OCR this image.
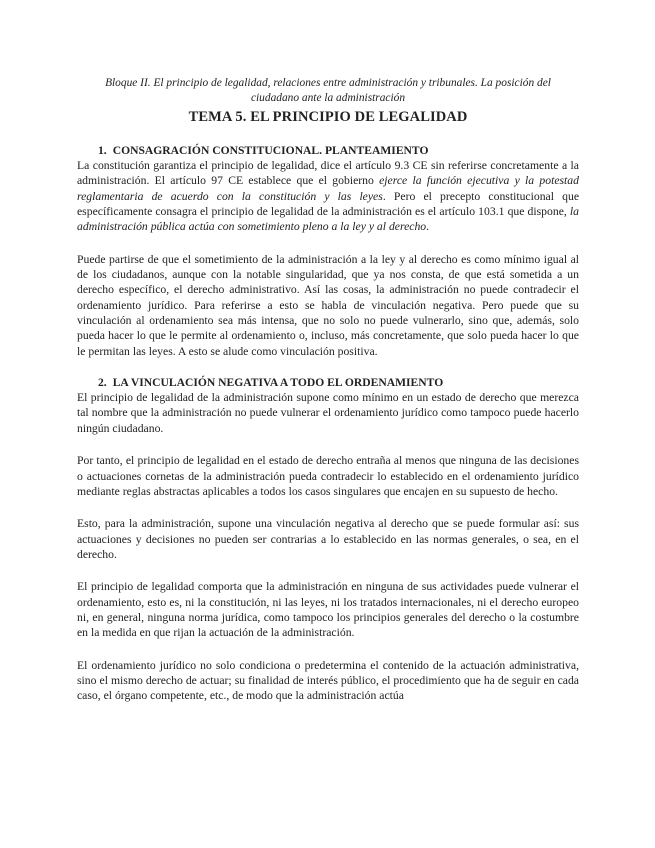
Bloque II. El principio de legalidad, relaciones entre administración y tribunales. La posición del
ciudadano ante la administración

TEMA 5. EL PRINCIPIO DE LEGALIDAD
1. CONSAGRACIÓN CONSTITUCIONAL. PLANTEAMIENTO

La constitución garantiza el principio de legalidad, dice el artículo 9.3 CE sin referirse concretamente a la administración. El artículo 97 CE establece que el gobierno ejerce la función ejecutiva y la potestad reglamentaria de acuerdo con la constitución y las leyes. Pero el precepto constitucional que específicamente consagra el principio de legalidad de la administración es el artículo 103.1 que dispone, la administración pública actúa con sometimiento pleno a la ley y al derecho.

Puede partirse de que el sometimiento de la administración a la ley y al derecho es como mínimo igual al de los ciudadanos, aunque con la notable singularidad, que ya nos consta, de que está sometida a un derecho específico, el derecho administrativo. Así las cosas, la administración no puede contradecir el ordenamiento jurídico. Para referirse a esto se habla de vinculación negativa. Pero puede que su vinculación al ordenamiento sea más intensa, que no solo no puede vulnerarlo, sino que, además, solo pueda hacer lo que le permite al ordenamiento o, incluso, más concretamente, que solo pueda hacer lo que le permitan las leyes. A esto se alude como vinculación positiva.

2. LA VINCULACIÓN NEGATIVA A TODO EL ORDENAMIENTO

El principio de legalidad de la administración supone como mínimo en un estado de derecho que merezca tal nombre que la administración no puede vulnerar el ordenamiento jurídico como tampoco puede hacerlo ningún ciudadano.

Por tanto, el principio de legalidad en el estado de derecho entraña al menos que ninguna de las decisiones o actuaciones cornetas de la administración pueda contradecir lo establecido en el ordenamiento jurídico mediante reglas abstractas aplicables a todos los casos singulares que encajen en su supuesto de hecho.

Esto, para la administración, supone una vinculación negativa al derecho que se puede formular así: sus actuaciones y decisiones no pueden ser contrarias a lo establecido en las normas generales, o sea, en el derecho.

El principio de legalidad comporta que la administración en ninguna de sus actividades puede vulnerar el ordenamiento, esto es, ni la constitución, ni las leyes, ni los tratados internacionales, ni el derecho europeo ni, en general, ninguna norma jurídica, como tampoco los principios generales del derecho o la costumbre en la medida en que rijan la actuación de la administración.

El ordenamiento jurídico no solo condiciona o predetermina el contenido de la actuación administrativa, sino el mismo derecho de actuar; su finalidad de interés público, el procedimiento que ha de seguir en cada caso, el órgano competente, etc., de modo que la administración actúa
